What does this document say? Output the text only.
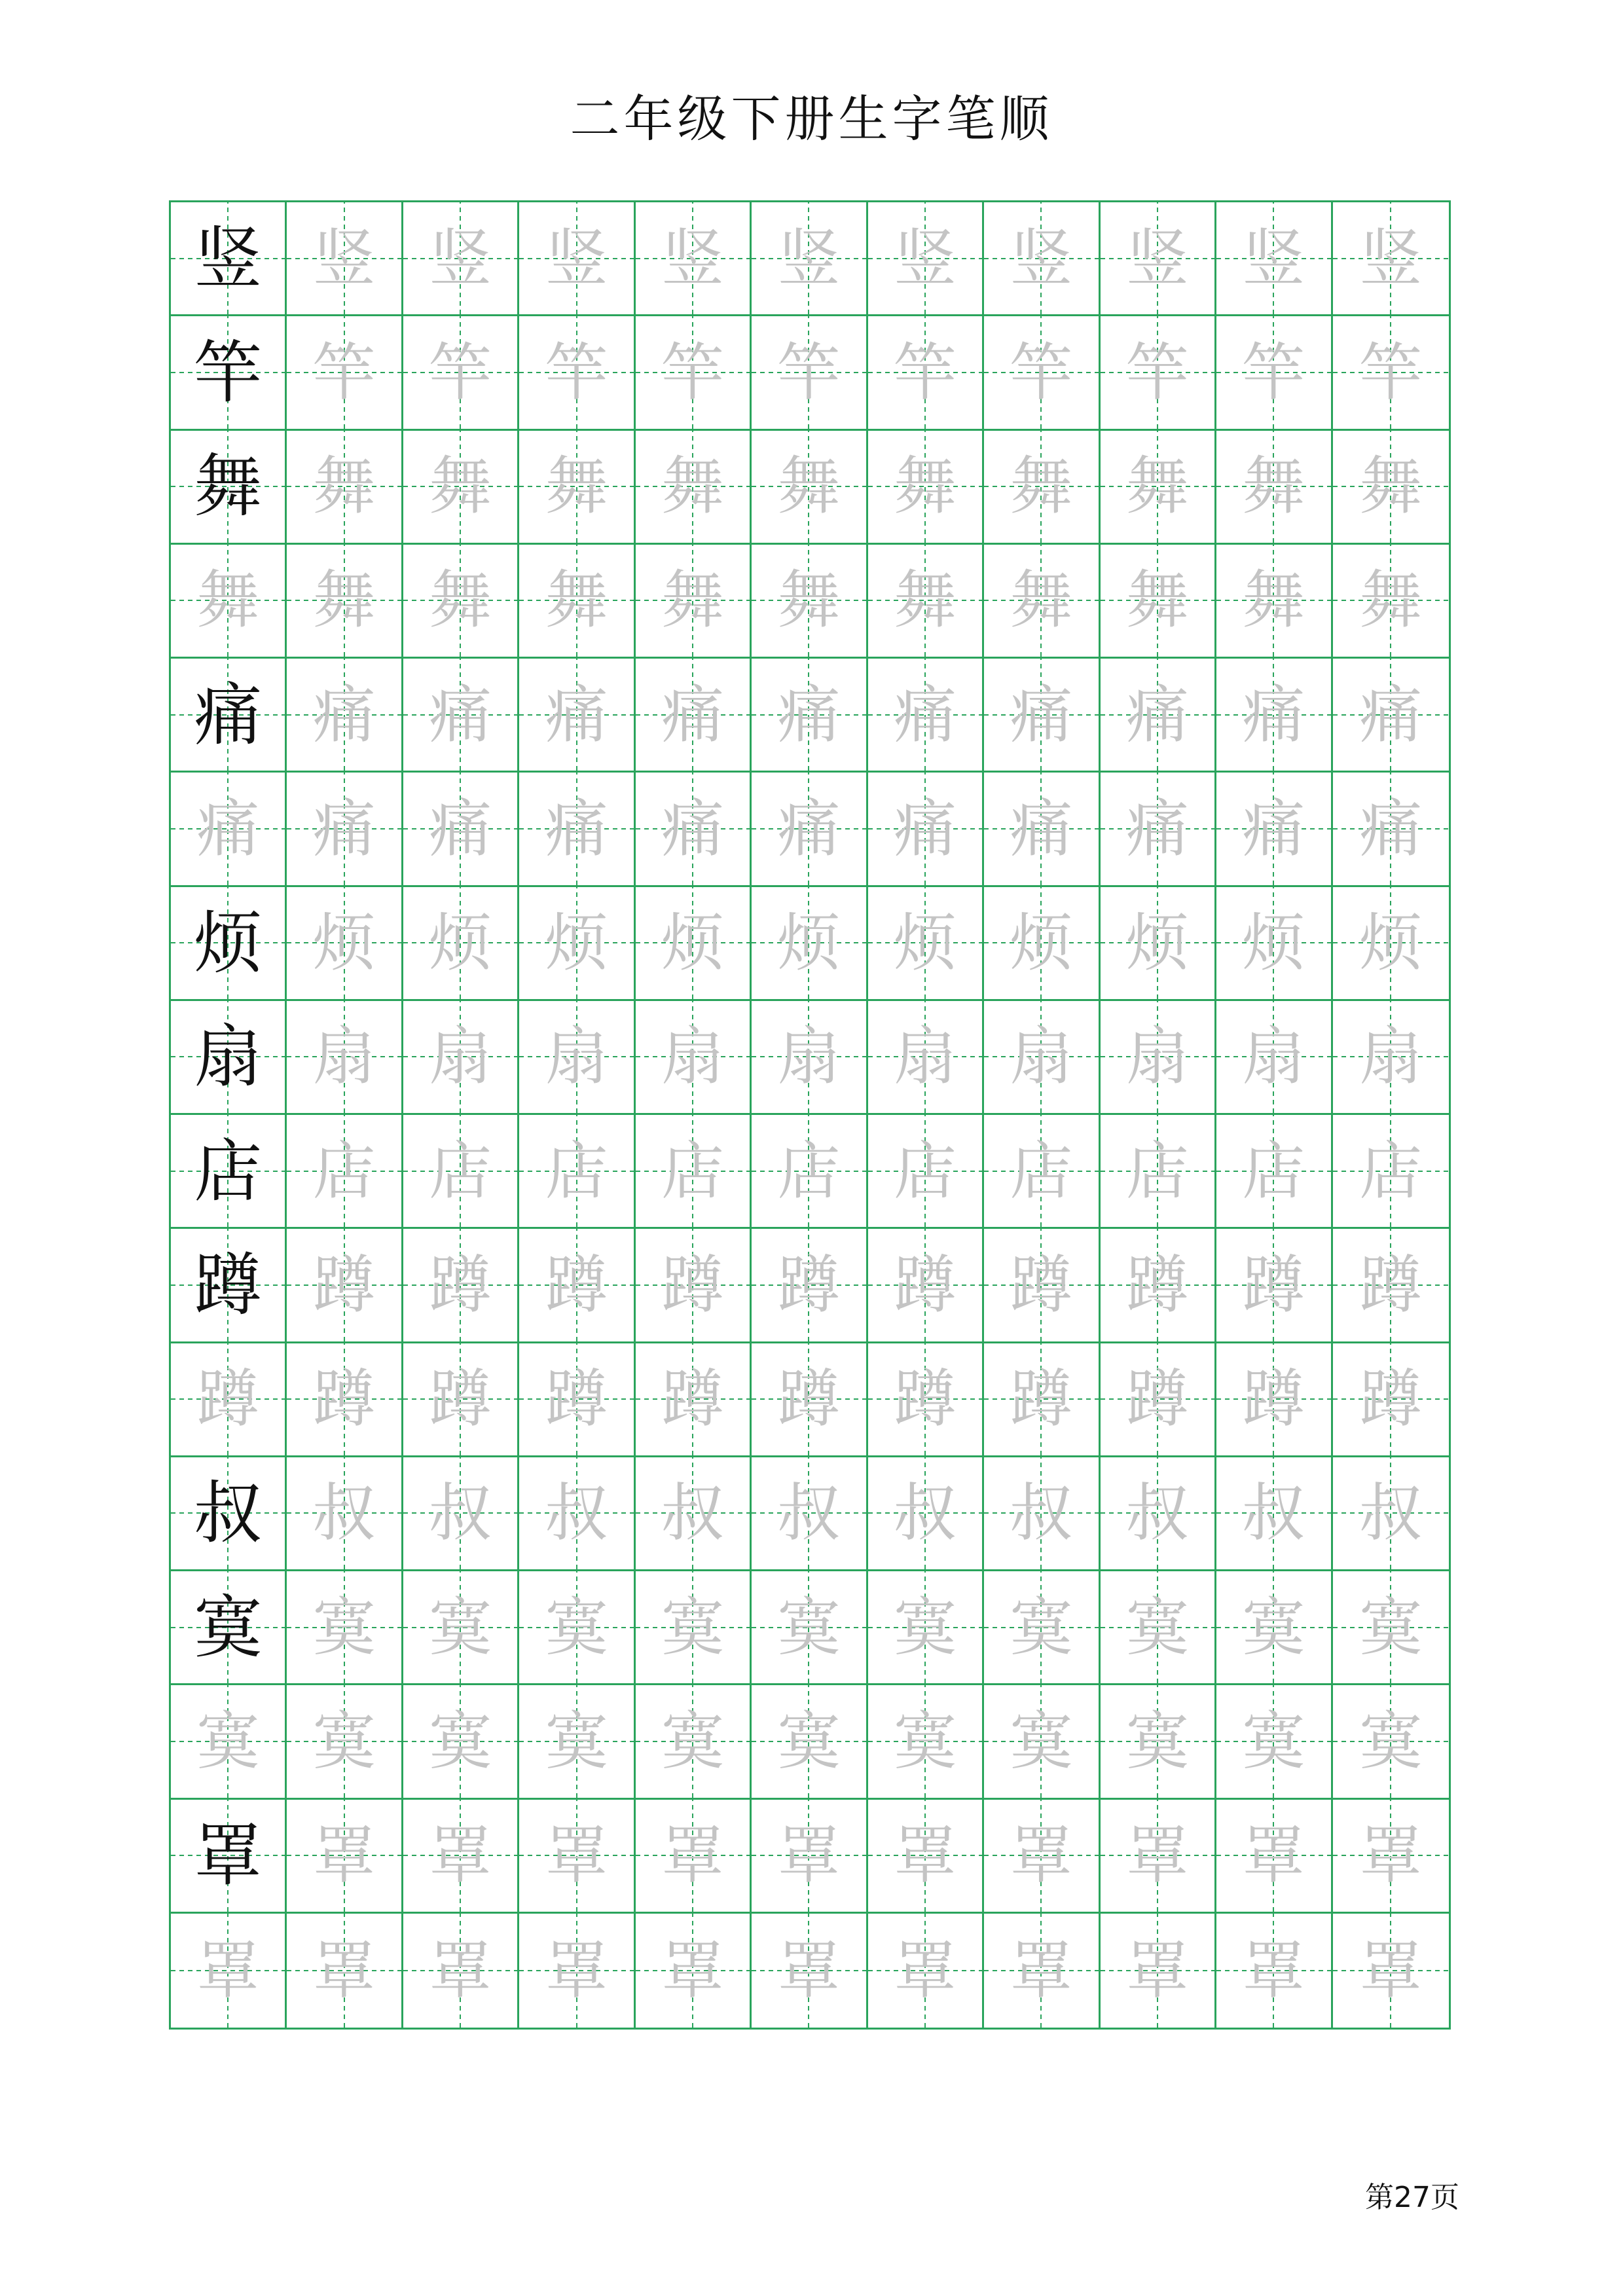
二年级下册生字笔顺
竖 竖 竖 竖 竖 竖 竖 竖 竖 竖 竖
竿 竿 竿 竿 竿 竿 竿 竿 竿 竿 竿
舞 舞 舞 舞 舞 舞 舞 舞 舞 舞 舞
舞 舞 舞 舞 舞 舞 舞 舞 舞 舞 舞
痛 痛 痛 痛 痛 痛 痛 痛 痛 痛 痛
痛 痛 痛 痛 痛 痛 痛 痛 痛 痛 痛
烦 烦 烦 烦 烦 烦 烦 烦 烦 烦 烦
扇 扇 扇 扇 扇 扇 扇 扇 扇 扇 扇
店 店 店 店 店 店 店 店 店 店 店
蹲 蹲 蹲 蹲 蹲 蹲 蹲 蹲 蹲 蹲 蹲
蹲 蹲 蹲 蹲 蹲 蹲 蹲 蹲 蹲 蹲 蹲
叔 叔 叔 叔 叔 叔 叔 叔 叔 叔 叔
寞 寞 寞 寞 寞 寞 寞 寞 寞 寞 寞
寞 寞 寞 寞 寞 寞 寞 寞 寞 寞 寞
罩 罩 罩 罩 罩 罩 罩 罩 罩 罩 罩
罩 罩 罩 罩 罩 罩 罩 罩 罩 罩 罩
第27页
